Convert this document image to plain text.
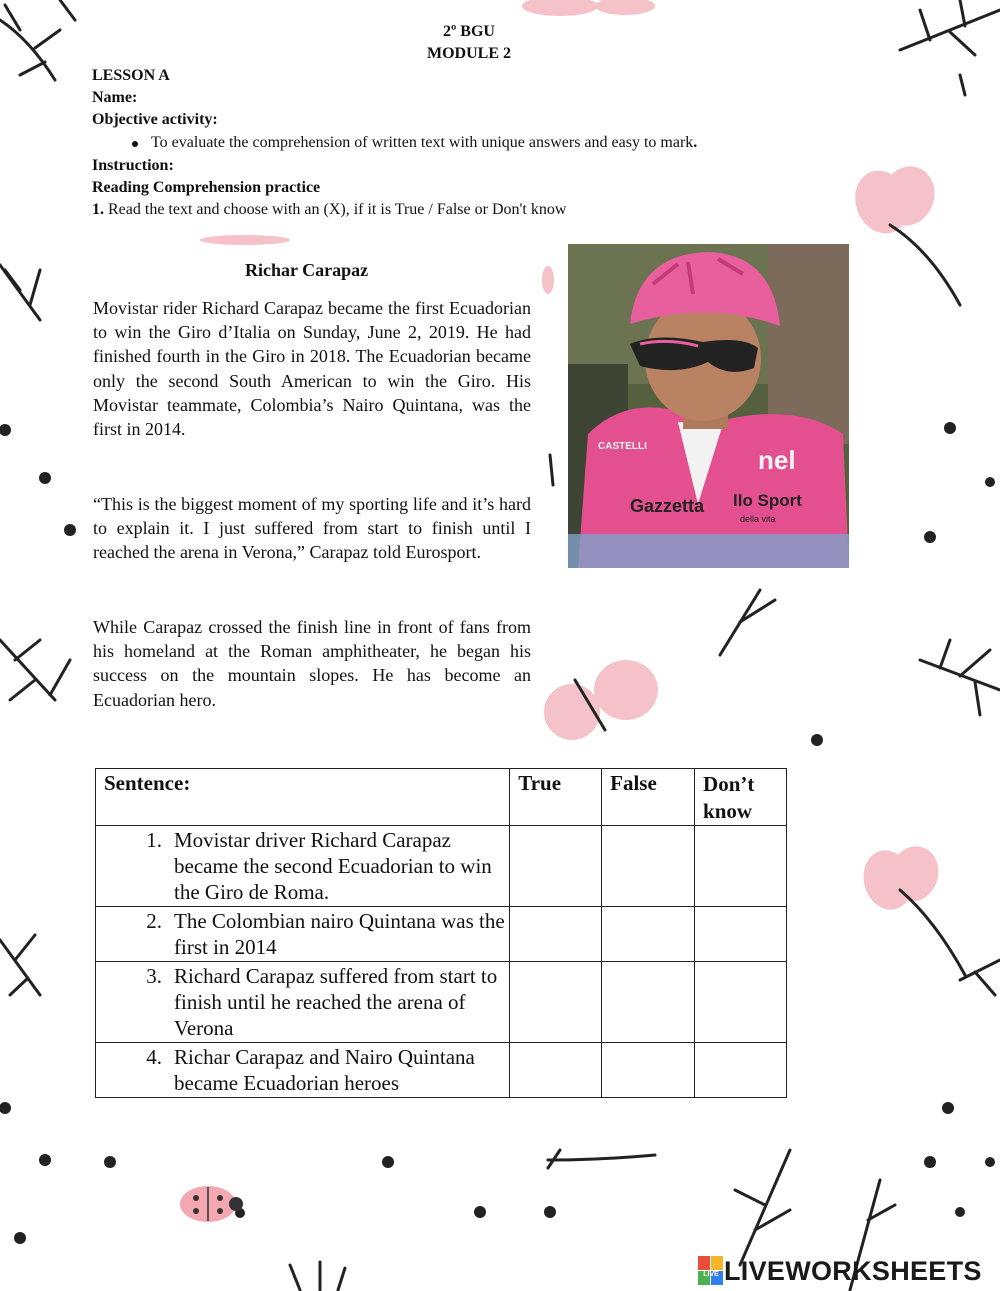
2º BGU
MODULE 2
LESSON A
Name:
Objective activity:
To evaluate the comprehension of written text with unique answers and easy to mark.
Instruction:
Reading Comprehension practice
1. Read the text and choose with an (X), if it is True / False or Don't know
Richar Carapaz
Movistar rider Richard Carapaz became the first Ecuadorian to win the Giro d’Italia on Sunday, June 2, 2019. He had finished fourth in the Giro in 2018. The Ecuadorian became only the second South American to win the Giro. His Movistar teammate, Colombia’s Nairo Quintana, was the first in 2014.
“This is the biggest moment of my sporting life and it’s hard to explain it. I just suffered from start to finish until I reached the arena in Verona,” Carapaz told Eurosport.
While Carapaz crossed the finish line in front of fans from his homeland at the Roman amphitheater, he began his success on the mountain slopes. He has become an Ecuadorian hero.
nel
Gazzetta llo Sport
della vita
CASTELLI
Sentence:	True	False	Don’t know

1. Movistar driver Richard Carapaz became the second Ecuadorian to win the Giro de Roma.			

2. The Colombian nairo Quintana was the first in 2014			

3. Richard Carapaz suffered from start to finish until he reached the arena of Verona			

4. Richar Carapaz and Nairo Quintana became Ecuadorian heroes			

LIVE LIVEWORKSHEETS
